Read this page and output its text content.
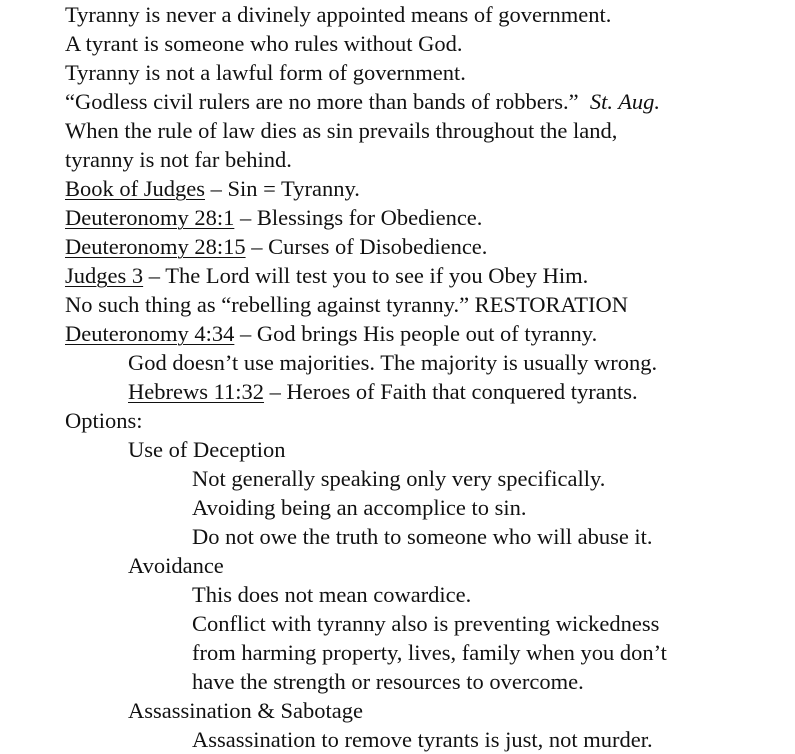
Tyranny is never a divinely appointed means of government.
A tyrant is someone who rules without God.
Tyranny is not a lawful form of government.
“Godless civil rulers are no more than bands of robbers.” St. Aug.
When the rule of law dies as sin prevails throughout the land,
tyranny is not far behind.
Book of Judges – Sin = Tyranny.
Deuteronomy 28:1 – Blessings for Obedience.
Deuteronomy 28:15 – Curses of Disobedience.
Judges 3 – The Lord will test you to see if you Obey Him.
No such thing as “rebelling against tyranny.” RESTORATION
Deuteronomy 4:34 – God brings His people out of tyranny.
God doesn’t use majorities. The majority is usually wrong.
Hebrews 11:32 – Heroes of Faith that conquered tyrants.
Options:
Use of Deception
Not generally speaking only very specifically.
Avoiding being an accomplice to sin.
Do not owe the truth to someone who will abuse it.
Avoidance
This does not mean cowardice.
Conflict with tyranny also is preventing wickedness
from harming property, lives, family when you don’t
have the strength or resources to overcome.
Assassination & Sabotage
Assassination to remove tyrants is just, not murder.
